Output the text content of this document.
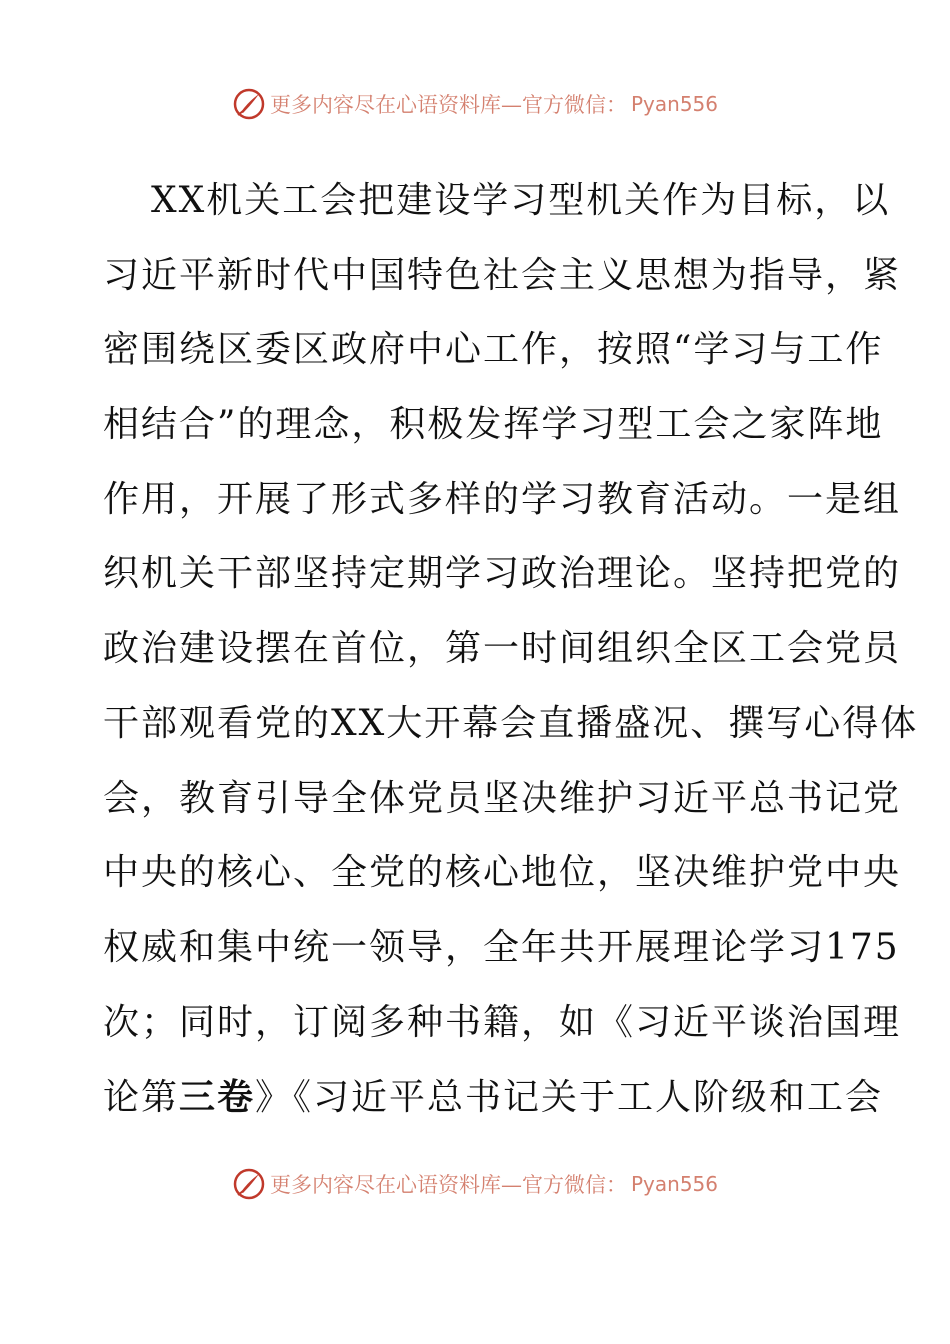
更多内容尽在心语资料库—官方微信： Pyan556
XX机关工会把建设学习型机关作为目标，以
习近平新时代中国特色社会主义思想为指导，紧
密围绕区委区政府中心工作，按照“学习与工作
相结合”的理念，积极发挥学习型工会之家阵地
作用，开展了形式多样的学习教育活动。一是组
织机关干部坚持定期学习政治理论。坚持把党的
政治建设摆在首位，第一时间组织全区工会党员
干部观看党的XX大开幕会直播盛况、撰写心得体
会，教育引导全体党员坚决维护习近平总书记党
中央的核心、全党的核心地位，坚决维护党中央
权威和集中统一领导，全年共开展理论学习175
次；同时，订阅多种书籍，如《习近平谈治国理
论第三卷》《习近平总书记关于工人阶级和工会
更多内容尽在心语资料库—官方微信： Pyan556
